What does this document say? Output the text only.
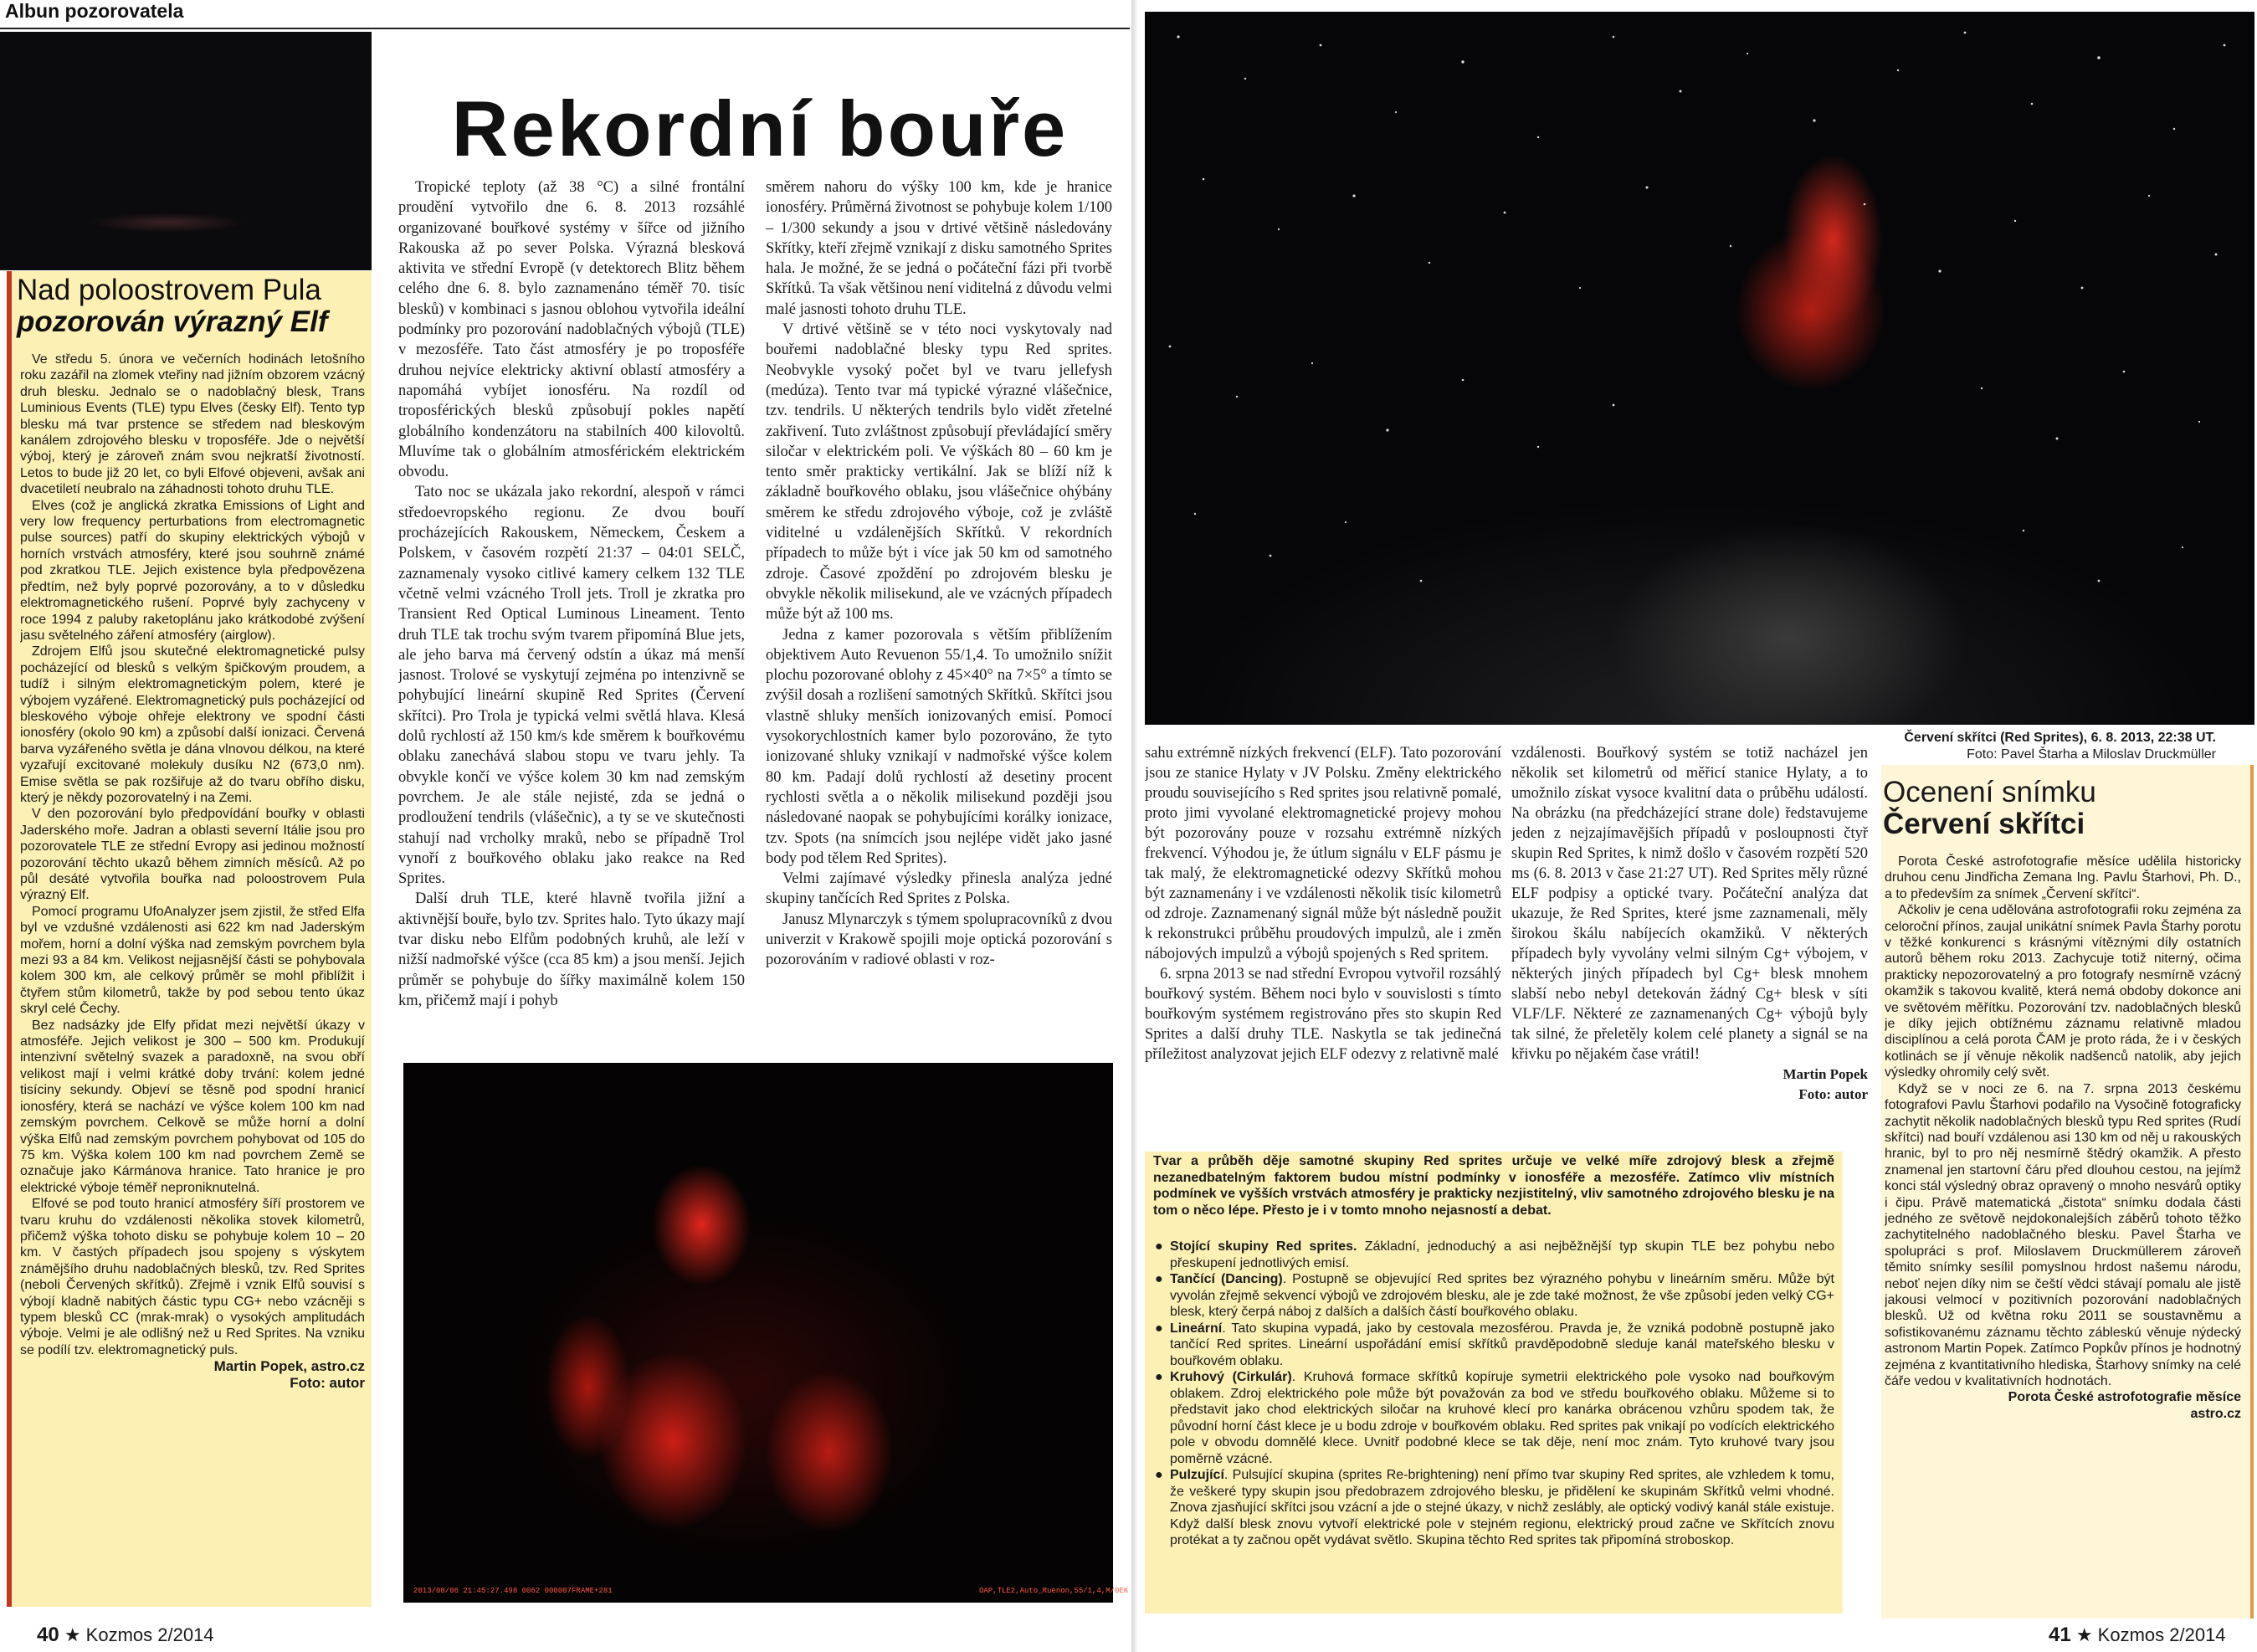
Albun pozorovatela
Nad poloostrovem Pula
pozorován výrazný Elf

Ve středu 5. února ve večerních hodinách letošního roku zazářil na zlomek vteřiny nad jižním obzorem vzácný druh blesku. Jednalo se o nadoblačný blesk, Trans Luminious Events (TLE) typu Elves (česky Elf). Tento typ blesku má tvar prstence se středem nad bleskovým kanálem zdrojového blesku v troposféře. Jde o největší výboj, který je zároveň znám svou nejkratší životností. Letos to bude již 20 let, co byli Elfové objeveni, avšak ani dvacetiletí neubralo na záhadnosti tohoto druhu TLE.

Elves (což je anglická zkratka Emissions of Light and very low frequency perturbations from electromagnetic pulse sources) patří do skupiny elektrických výbojů v horních vrstvách atmosféry, které jsou souhrně známé pod zkratkou TLE. Jejich existence byla předpovězena předtím, než byly poprvé pozorovány, a to v důsledku elektromagnetického rušení. Poprvé byly zachyceny v roce 1994 z paluby raketoplánu jako krátkodobé zvýšení jasu světelného záření atmosféry (airglow).

Zdrojem Elfů jsou skutečné elektromagnetické pulsy pocházející od blesků s velkým špičkovým proudem, a tudíž i silným elektromagnetickým polem, které je výbojem vyzářené. Elektromagnetický puls pocházející od bleskového výboje ohřeje elektrony ve spodní části ionosféry (okolo 90 km) a způsobí další ionizaci. Červená barva vyzářeného světla je dána vlnovou délkou, na které vyzařují excitované molekuly dusíku N2 (673,0 nm). Emise světla se pak rozšiřuje až do tvaru obřího disku, který je někdy pozorovatelný i na Zemi.

V den pozorování bylo předpovídání bouřky v oblasti Jaderského moře. Jadran a oblasti severní Itálie jsou pro pozorovatele TLE ze střední Evropy asi jedinou možností pozorování těchto ukazů během zimních měsíců. Až po půl desáté vytvořila bouřka nad poloostrovem Pula výrazný Elf.

Pomocí programu UfoAnalyzer jsem zjistil, že střed Elfa byl ve vzdušné vzdálenosti asi 622 km nad Jaderským mořem, horní a dolní výška nad zemským povrchem byla mezi 93 a 84 km. Velikost nejjasnější části se pohybovala kolem 300 km, ale celkový průměr se mohl přiblížit i čtyřem stům kilometrů, takže by pod sebou tento úkaz skryl celé Čechy.

Bez nadsázky jde Elfy přidat mezi největší úkazy v atmosféře. Jejich velikost je 300 – 500 km. Produkují intenzivní světelný svazek a paradoxně, na svou obří velikost mají i velmi krátké doby trvání: kolem jedné tisíciny sekundy. Objeví se těsně pod spodní hranicí ionosféry, která se nachází ve výšce kolem 100 km nad zemským povrchem. Celkově se může horní a dolní výška Elfů nad zemským povrchem pohybovat od 105 do 75 km. Výška kolem 100 km nad povrchem Země se označuje jako Kármánova hranice. Tato hranice je pro elektrické výboje téměř neproniknutelná.

Elfové se pod touto hranicí atmosféry šíří prostorem ve tvaru kruhu do vzdálenosti několika stovek kilometrů, přičemž výška tohoto disku se pohybuje kolem 10 – 20 km. V častých případech jsou spojeny s výskytem známějšího druhu nadoblačných blesků, tzv. Red Sprites (neboli Červených skřítků). Zřejmě i vznik Elfů souvisí s výbojí kladně nabitých částic typu CG+ nebo vzácněji s typem blesků CC (mrak-mrak) o vysokých amplitudách výboje. Velmi je ale odlišný než u Red Sprites. Na vzniku se podílí tzv. elektromagnetický puls.

Martin Popek, astro.cz
Foto: autor
Rekordní bouře

Tropické teploty (až 38 °C) a silné frontální proudění vytvořilo dne 6. 8. 2013 rozsáhlé organizované bouřkové systémy v šířce od jižního Rakouska až po sever Polska. Výrazná blesková aktivita ve střední Evropě (v detektorech Blitz během celého dne 6. 8. bylo zaznamenáno téměř 70. tisíc blesků) v kombinaci s jasnou oblohou vytvořila ideální podmínky pro pozorování nadoblačných výbojů (TLE) v mezosféře. Tato část atmosféry je po troposféře druhou nejvíce elektricky aktivní oblastí atmosféry a napomáhá vybíjet ionosféru. Na rozdíl od troposférických blesků způsobují pokles napětí globálního kondenzátoru na stabilních 400 kilovoltů. Mluvíme tak o globálním atmosférickém elektrickém obvodu.

Tato noc se ukázala jako rekordní, alespoň v rámci středoevropského regionu. Ze dvou bouří procházejících Rakouskem, Německem, Českem a Polskem, v časovém rozpětí 21:37 – 04:01 SELČ, zaznamenaly vysoko citlivé kamery celkem 132 TLE včetně velmi vzácného Troll jets. Troll je zkratka pro Transient Red Optical Luminous Lineament. Tento druh TLE tak trochu svým tvarem připomíná Blue jets, ale jeho barva má červený odstín a úkaz má menší jasnost. Trolové se vyskytují zejména po intenzivně se pohybující lineární skupině Red Sprites (Červení skřítci). Pro Trola je typická velmi světlá hlava. Klesá dolů rychlostí až 150 km/s kde směrem k bouřkovému oblaku zanechává slabou stopu ve tvaru jehly. Ta obvykle končí ve výšce kolem 30 km nad zemským povrchem. Je ale stále nejisté, zda se jedná o prodloužení tendrils (vlášečnic), a ty se ve skutečnosti stahují nad vrcholky mraků, nebo se případně Trol vynoří z bouřkového oblaku jako reakce na Red Sprites.

Další druh TLE, které hlavně tvořila jižní a aktivnější bouře, bylo tzv. Sprites halo. Tyto úkazy mají tvar disku nebo Elfům podobných kruhů, ale leží v nižší nadmořské výšce (cca 85 km) a jsou menší. Jejich průměr se pohybuje do šířky maximálně kolem 150 km, přičemž mají i pohyb

směrem nahoru do výšky 100 km, kde je hranice ionosféry. Průměrná životnost se pohybuje kolem 1/100 – 1/300 sekundy a jsou v drtivé většině následovány Skřítky, kteří zřejmě vznikají z disku samotného Sprites hala. Je možné, že se jedná o počáteční fázi při tvorbě Skřítků. Ta však většinou není viditelná z důvodu velmi malé jasnosti tohoto druhu TLE.

V drtivé většině se v této noci vyskytovaly nad bouřemi nadoblačné blesky typu Red sprites. Neobvykle vysoký počet byl ve tvaru jellefysh (medúza). Tento tvar má typické výrazné vlášečnice, tzv. tendrils. U některých tendrils bylo vidět zřetelné zakřivení. Tuto zvláštnost způsobují převládající směry siločar v elektrickém poli. Ve výškách 80 – 60 km je tento směr prakticky vertikální. Jak se blíží níž k základně bouřkového oblaku, jsou vlášečnice ohýbány směrem ke středu zdrojového výboje, což je zvláště viditelné u vzdálenějších Skřítků. V rekordních případech to může být i více jak 50 km od samotného zdroje. Časové zpoždění po zdrojovém blesku je obvykle několik milisekund, ale ve vzácných případech může být až 100 ms.

Jedna z kamer pozorovala s větším přiblížením objektivem Auto Revuenon 55/1,4. To umožnilo snížit plochu pozorované oblohy z 45×40° na 7×5° a tímto se zvýšil dosah a rozlišení samotných Skřítků. Skřítci jsou vlastně shluky menších ionizovaných emisí. Pomocí vysokorychlostních kamer bylo pozorováno, že tyto ionizované shluky vznikají v nadmořské výšce kolem 80 km. Padají dolů rychlostí až desetiny procent rychlosti světla a o několik milisekund později jsou následované naopak se pohybujícími korálky ionizace, tzv. Spots (na snímcích jsou nejlépe vidět jako jasné body pod tělem Red Sprites).

Velmi zajímavé výsledky přinesla analýza jedné skupiny tančících Red Sprites z Polska.

Janusz Mlynarczyk s týmem spolupracovníků z dvou univerzit v Krakowě spojili moje optická pozorování s pozorováním v radiové oblasti v roz-

2013/08/06 21:45:27.498 0062 000007FRAME+281	OAP,TLE2,Auto_Ruenon,55/1,4,M/0EK
40 ★ Kozmos 2/2014

sahu extrémně nízkých frekvencí (ELF). Tato pozorování jsou ze stanice Hylaty v JV Polsku. Změny elektrického proudu souvisejícího s Red sprites jsou relativně pomalé, proto jimi vyvolané elektromagnetické projevy mohou být pozorovány pouze v rozsahu extrémně nízkých frekvencí. Výhodou je, že útlum signálu v ELF pásmu je tak malý, že elektromagnetické odezvy Skřítků mohou být zaznamenány i ve vzdálenosti několik tisíc kilometrů od zdroje. Zaznamenaný signál může být následně použit k rekonstrukci průběhu proudových impulzů, ale i změn nábojových impulzů a výbojů spojených s Red spritem.

6. srpna 2013 se nad střední Evropou vytvořil rozsáhlý bouřkový systém. Během noci bylo v souvislosti s tímto bouřkovým systémem registrováno přes sto skupin Red Sprites a další druhy TLE. Naskytla se tak jedinečná příležitost analyzovat jejich ELF odezvy z relativně malé

vzdálenosti. Bouřkový systém se totiž nacházel jen několik set kilometrů od měřicí stanice Hylaty, a to umožnilo získat vysoce kvalitní data o průběhu událostí. Na obrázku (na předcházející strane dole) ředstavujeme jeden z nejzajímavějších případů v posloupnosti čtyř skupin Red Sprites, k nimž došlo v časovém rozpětí 520 ms (6. 8. 2013 v čase 21:27 UT). Red Sprites měly různé ELF podpisy a optické tvary. Počáteční analýza dat ukazuje, že Red Sprites, které jsme zaznamenali, měly širokou škálu nabíjecích okamžiků. V některých případech byly vyvolány velmi silným Cg+ výbojem, v některých jiných případech byl Cg+ blesk mnohem slabší nebo nebyl detekován žádný Cg+ blesk v síti VLF/LF. Některé ze zaznamenaných Cg+ výbojů byly tak silné, že přeletěly kolem celé planety a signál se na křivku po nějakém čase vrátil!

Martin Popek
Foto: autor
Červení skřítci (Red Sprites), 6. 8. 2013, 22:38 UT.
Foto: Pavel Štarha a Miloslav Druckmüller
Ocenení snímku
Červení skřítci

Porota České astrofotografie měsíce udělila historicky druhou cenu Jindřicha Zemana Ing. Pavlu Štarhovi, Ph. D., a to především za snímek „Červení skřítci“.

Ačkoliv je cena udělována astrofotografii roku zejména za celoroční přínos, zaujal unikátní snímek Pavla Štarhy porotu v těžké konkurenci s krásnými vítěznými díly ostatních autorů během roku 2013. Zachycuje totiž niterný, očima prakticky nepozorovatelný a pro fotografy nesmírně vzácný okamžik s takovou kvalitě, která nemá obdoby dokonce ani ve světovém měřítku. Pozorování tzv. nadoblačných blesků je díky jejich obtížnému záznamu relativně mladou disciplínou a celá porota ČAM je proto ráda, že i v českých kotlinách se jí věnuje několik nadšenců natolik, aby jejich výsledky ohromily celý svět.

Když se v noci ze 6. na 7. srpna 2013 českému fotografovi Pavlu Štarhovi podařilo na Vysočině fotograficky zachytit několik nadoblačných blesků typu Red sprites (Rudí skřítci) nad bouří vzdálenou asi 130 km od něj u rakouských hranic, byl to pro něj nesmírně štědrý okamžik. A přesto znamenal jen startovní čáru před dlouhou cestou, na jejímž konci stál výsledný obraz opravený o mnoho nesvárů optiky i čipu. Právě matematická „čistota“ snímku dodala části jedného ze světově nejdokonalejších záběrů tohoto těžko zachytitelného nadoblačného blesku. Pavel Štarha ve spolupráci s prof. Miloslavem Druckmüllerem zároveň těmito snímky sesílil pomyslnou hrdost našemu národu, neboť nejen díky nim se čeští vědci stávají pomalu ale jistě jakousi velmocí v pozitivních pozorování nadoblačných blesků. Už od května roku 2011 se soustavněmu a sofistikovanému záznamu těchto zábleskú věnuje nýdecký astronom Martin Popek. Zatímco Popkův přínos je hodnotný zejména z kvantitativního hlediska, Štarhovy snímky na celé čáře vedou v kvalitativních hodnotách.

Porota České astrofotografie měsíce
astro.cz
Tvar a průběh děje samotné skupiny Red sprites určuje ve velké míře zdrojový blesk a zřejmě nezanedbatelným faktorem budou místní podmínky v ionosféře a mezosféře. Zatímco vliv místních podmínek ve vyšších vrstvách atmosféry je prakticky nezjistitelný, vliv samotného zdrojového blesku je na tom o něco lépe. Přesto je i v tomto mnoho nejasností a debat.
● Stojící skupiny Red sprites. Základní, jednoduchý a asi nejběžnější typ skupin TLE bez pohybu nebo přeskupení jednotlivých emisí.
● Tančící (Dancing). Postupně se objevující Red sprites bez výrazného pohybu v lineárním směru. Může být vyvolán zřejmě sekvencí výbojů ve zdrojovém blesku, ale je zde také možnost, že vše způsobí jeden velký CG+ blesk, který čerpá náboj z dalších a dalších částí bouřkového oblaku.
● Lineární. Tato skupina vypadá, jako by cestovala mezosférou. Pravda je, že vzniká podobně postupně jako tančící Red sprites. Lineární uspořádání emisí skřítků pravděpodobně sleduje kanál mateřského blesku v bouřkovém oblaku.
● Kruhový (Cirkulár). Kruhová formace skřítků kopíruje symetrii elektrického pole vysoko nad bouřkovým oblakem. Zdroj elektrického pole může být považován za bod ve středu bouřkového oblaku. Můžeme si to představit jako chod elektrických siločar na kruhové klecí pro kanárka obrácenou vzhůru spodem tak, že původní horní část klece je u bodu zdroje v bouřkovém oblaku. Red sprites pak vnikají po vodících elektrického pole v obvodu domnělé klece. Uvnitř podobné klece se tak děje, není moc znám. Tyto kruhové tvary jsou poměrně vzácné.
● Pulzující. Pulsující skupina (sprites Re-brightening) není přímo tvar skupiny Red sprites, ale vzhledem k tomu, že veškeré typy skupin jsou předobrazem zdrojového blesku, je přidělení ke skupinám Skřítků velmi vhodné. Znova zjasňující skřítci jsou vzácní a jde o stejné úkazy, v nichž zeslábly, ale optický vodivý kanál stále existuje. Když další blesk znovu vytvoří elektrické pole v stejném regionu, elektrický proud začne ve Skřítcích znovu protékat a ty začnou opět vydávat světlo. Skupina těchto Red sprites tak připomíná stroboskop.
41 ★ Kozmos 2/2014
